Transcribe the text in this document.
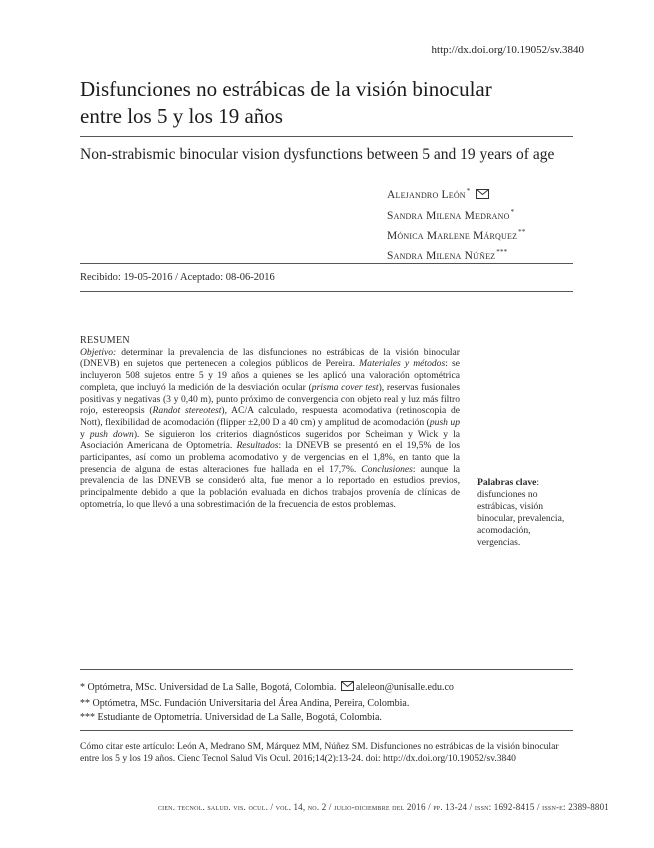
http://dx.doi.org/10.19052/sv.3840
Disfunciones no estrábicas de la visión binocular
entre los 5 y los 19 años
Non-strabismic binocular vision dysfunctions between 5 and 19 years of age
Alejandro León*
Sandra Milena Medrano*
Mónica Marlene Márquez**
Sandra Milena Núñez***
Recibido: 19-05-2016 / Aceptado: 08-06-2016
RESUMEN
Objetivo: determinar la prevalencia de las disfunciones no estrábicas de la visión binocular (DNEVB) en sujetos que pertenecen a colegios públicos de Pereira. Materiales y métodos: se incluyeron 508 sujetos entre 5 y 19 años a quienes se les aplicó una valoración optométrica completa, que incluyó la medición de la desviación ocular (prisma cover test), reservas fusionales positivas y negativas (3 y 0,40 m), punto próximo de convergencia con objeto real y luz más filtro rojo, estereopsis (Randot stereotest), AC/A calculado, respuesta acomodativa (retinoscopia de Nott), flexibilidad de acomodación (flipper ±2,00 D a 40 cm) y amplitud de acomodación (push up y push down). Se siguieron los criterios diagnósticos sugeridos por Scheiman y Wick y la Asociación Americana de Optometría. Resultados: la DNEVB se presentó en el 19,5% de los participantes, así como un problema acomodativo y de vergencias en el 1,8%, en tanto que la presencia de alguna de estas alteraciones fue hallada en el 17,7%. Conclusiones: aunque la prevalencia de las DNEVB se consideró alta, fue menor a lo reportado en estudios previos, principalmente debido a que la población evaluada en dichos trabajos provenía de clínicas de optometría, lo que llevó a una sobrestimación de la frecuencia de estos problemas.
Palabras clave: disfunciones no estrábicas, visión binocular, prevalencia, acomodación, vergencias.
* Optómetra, MSc. Universidad de La Salle, Bogotá, Colombia. aleleon@unisalle.edu.co
** Optómetra, MSc. Fundación Universitaria del Área Andina, Pereira, Colombia.
*** Estudiante de Optometría. Universidad de La Salle, Bogotá, Colombia.
Cómo citar este artículo: León A, Medrano SM, Márquez MM, Núñez SM. Disfunciones no estrábicas de la visión binocular entre los 5 y los 19 años. Cienc Tecnol Salud Vis Ocul. 2016;14(2):13-24. doi: http://dx.doi.org/10.19052/sv.3840
cien. tecnol. salud. vis. ocul. / vol. 14, no. 2 / julio-diciembre del 2016 / pp. 13-24 / issn: 1692-8415 / issn-e: 2389-8801
